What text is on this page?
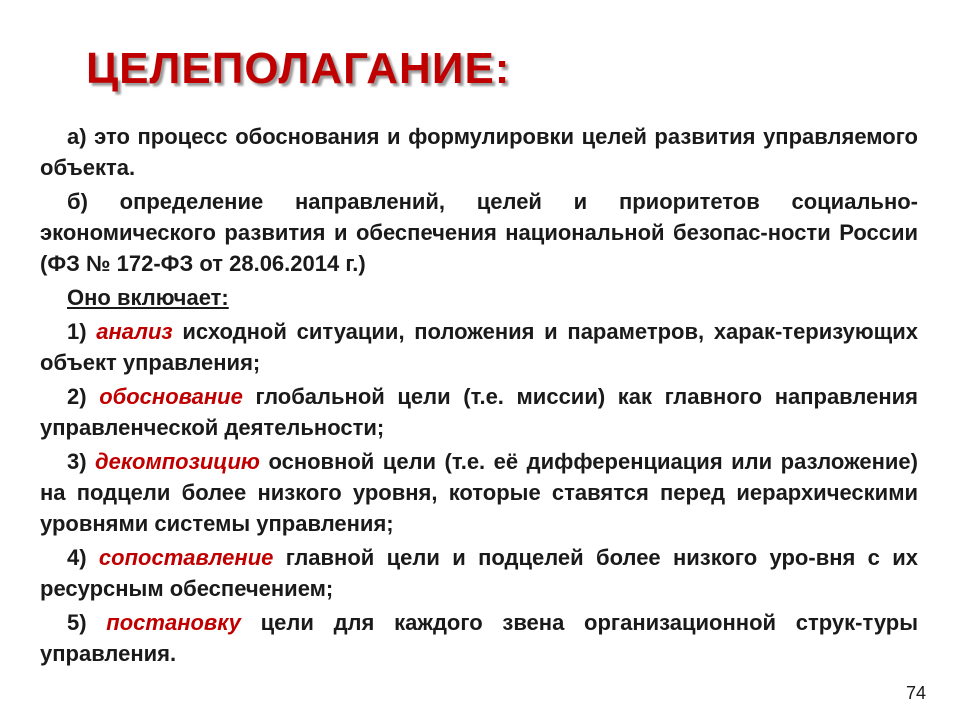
ЦЕЛЕПОЛАГАНИЕ:

а) это процесс обоснования и формулировки целей развития управляемого объекта.

б) определение направлений, целей и приоритетов социально-экономического развития и обеспечения национальной безопас-ности России (ФЗ № 172-ФЗ от 28.06.2014 г.)

Оно включает:

1) анализ исходной ситуации, положения и параметров, харак-теризующих объект управления;

2) обоснование глобальной цели (т.е. миссии) как главного направления управленческой деятельности;

3) декомпозицию основной цели (т.е. её дифференциация или разложение) на подцели более низкого уровня, которые ставятся перед иерархическими уровнями системы управления;

4) сопоставление главной цели и подцелей более низкого уро-вня с их ресурсным обеспечением;

5) постановку цели для каждого звена организационной струк-туры управления.

74
